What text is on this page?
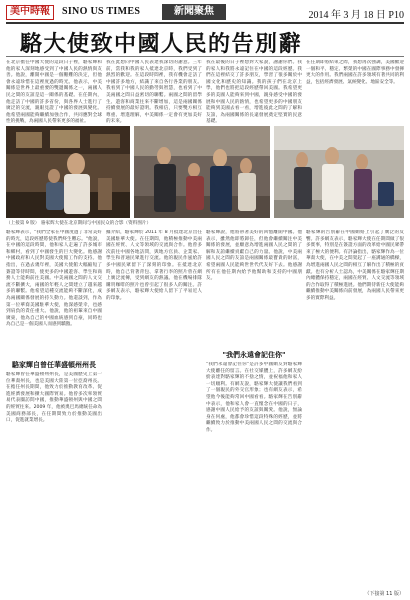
美中時報	SINO US TIMES	新聞聚焦	2014 年 3 月 18 日 P10
駱大使致中國人民的告別辭
在北京擔任中國大使的這段日子裡，駱家輝和他的家人深刻地感受到了中國人民的熱情與友善。他說，離開中國是一個艱難的決定，但他會永遠珍惜在這裡度過的時光。他表示，中美關係是世界上最重要的雙邊關係之一，兩國人民之間的友誼是這一關係的基礎。在任期內，他走訪了中國的許多省份，與各界人士進行了廣泛的交流，親眼見證了中國的發展與變化。他希望兩國能夠繼續加強合作，共同應對全球性的挑戰，為兩國人民帶來更多的福祉。
我在此想向中國人民表達我深切的謝意。三年前，當我和我的家人抵達北京時，我們受到了熱烈的歡迎。在這段時間裡，我有機會走訪了中國許多地方，結識了來自各行各業的朋友。我看到了中國人民的勤勞與智慧，也看到了中美兩國之間日益密切的聯繫。兩國之間的留學生、遊客和商業往來不斷增加，這是兩國關係持續發展的最好證明。我相信，只要雙方相互尊重、增進理解，中美關係一定會有更加美好的未來。
我在最後的日子裡想對大家說，謝謝你們。我的家人和我將永遠記住在中國的這段經歷。我們在這裡結交了許多朋友，學習了很多關於中國文化和歷史的知識。我的孩子們在北京上學，他們也將把這段經歷帶回美國。我希望更多的美國人能夠來到中國，親身感受中國的發展和中國人民的熱情，也希望更多的中國朋友能夠到美國去看一看，增進彼此之間的了解和友誼，為兩國關係的長遠發展奠定堅實的民意基礎。
在任期即將結束之際，我想再次強調，美國歡迎一個和平、穩定、繁榮的中國在國際事務中發揮更大的作用。我們兩國在許多領域有著共同的利益，包括經濟發展、氣候變化、地區安全等。
（上接第 9 版） 骆家辉大使在北京期间与中国民众的合影（资料图片）
駱家輝表示，"我們全家在中國度過了非常美好的時光，這段經歷將使我們終生難忘。"他說，在中國的這段時間，他和家人走遍了許多城市和鄉村，看到了中國發生的巨大變化。他感謝中國政府和人民對美國大使館工作的支持。他指出，在過去幾年裡，美國大使館大幅縮短了簽證等待時間，使更多的中國遊客、學生和商務人士能夠前往美國。中美兩國之間的人文交流不斷擴大，兩國的年輕人之間建立了越來越多的聯繫。他希望這種交流能夠不斷深化，成為兩國關係發展的持久動力。他還談到，作為第一位華裔美國駐華大使，他深感榮幸，也感到肩負的責任重大。他說，他的祖輩來自中國廣東，他為自己的中國血統感到自豪，同時也為自己是一個美國人而感到驕傲。
駱家輝自曾任華盛頓州州長
駱家輝曾任華盛頓州州長，是美國歷史上第一位華裔州長，也是美國大陸第一位亞裔州長。在擔任州長期間，他致力於推動教育改革、促進經濟發展和擴大國際貿易。他曾多次率領貿易代表團訪問中國，推動華盛頓州與中國之間的經貿往來。2009 年，他被奧巴馬總統任命為美國商務部長，在任期間致力於推動美國出口，促進就業增長。
據介紹，駱家輝於 2011 年 8 月抵達北京出任美國駐華大使。在任期間，他積極推動中美兩國在經貿、人文等領域的交流與合作。他曾多次前往中國各地訪問，與地方官員、企業家、學生和普通民眾進行交流。他的親民作風給許多中國民眾留下了深刻的印象。在抵達北京時，他自己背著背包、拿著行李的照片曾在網上廣泛流傳，受到網友的熱議。他在機場排隊購買咖啡的照片也曾引起了很多人的關注。許多網友表示，駱家輝大使給人留下了平易近人的印象。
駱家輝說，他將帶著美好的回憶離開中國。他表示，雖然他即將卸任，但他會繼續關注中美關係的發展，並願意為增進兩國人民之間的了解和友誼繼續貢獻自己的力量。他說，中美兩國人民之間的友誼是兩國關係最寶貴的財富，希望兩國人民能夠世世代代友好下去。他感謝所有在他任期內給予他幫助和支持的中國朋友。
"我們永遠會記住你"
"我們永遠會記住你"是許多中國網友對駱家輝大使離任的留言。在社交媒體上，許多網友紛紛表達對駱家輝的不捨之情，並祝福他和家人一切順利。有網友說，駱家輝大使讓我們看到了一個親民的外交官形象；也有網友表示，希望他今後能夠常回中國看看。駱家輝在告別辭中表示，他和家人會一直懷念在中國的日子，感謝中國人民給予的友誼與關愛。他說，無論身在何處，他都會珍惜這段特殊的經歷，並將繼續致力於推動中美兩國人民之間的交流與合作。
駱家輝的告別辭在中國網絡上引起了廣泛的反響。許多網友表示，駱家輝大使在任期間做了很多實事，特別是在簽證方面的改革給中國民眾帶來了極大的便利。有評論指出，駱家輝作為一位華裔大使，在中美之間架起了一座溝通的橋樑，為增進兩國人民之間的相互了解作出了積極的貢獻。也有分析人士認為，中美關係在駱家輝任期內總體保持穩定，兩國在經貿、人文交流等領域的合作取得了積極進展。他們期待新任大使能夠繼續推動中美關係向前發展，為兩國人民帶來更多的實際利益。
（下接第 11 版）
